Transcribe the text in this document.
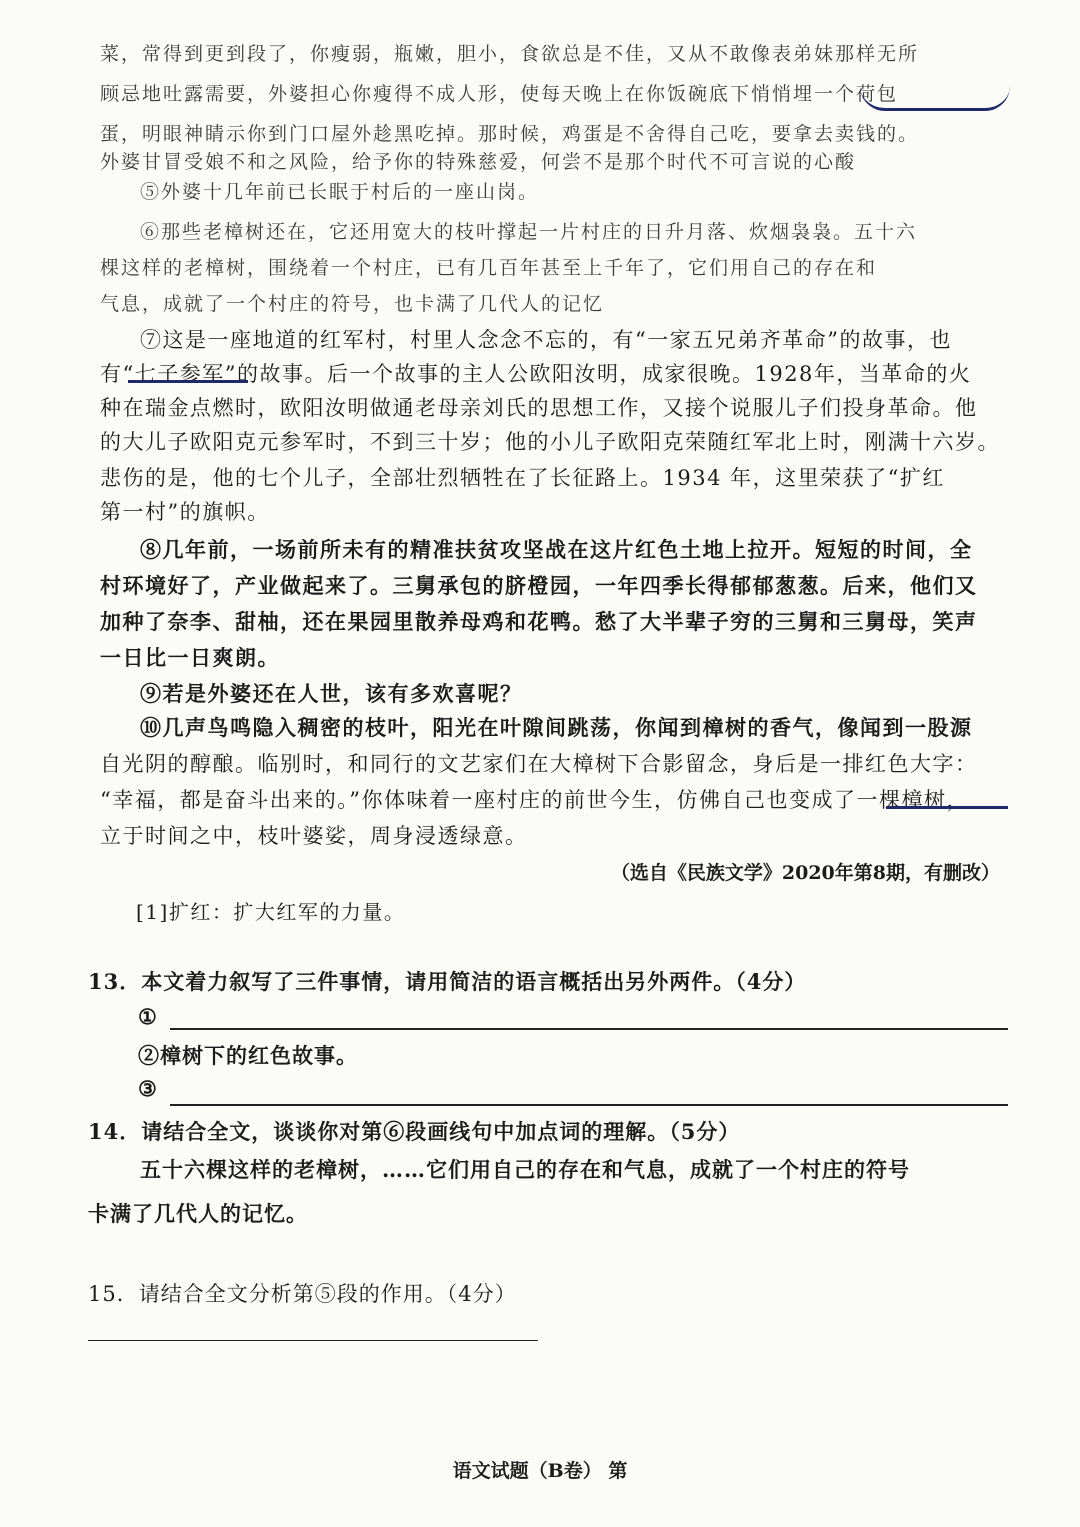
菜，常得到更到段了，你瘦弱，瓶嫩，胆小，食欲总是不佳，又从不敢像表弟妹那样无所
顾忌地吐露需要，外婆担心你瘦得不成人形，使每天晚上在你饭碗底下悄悄埋一个荷包
蛋，明眼神睛示你到门口屋外趁黑吃掉。那时候，鸡蛋是不舍得自己吃，要拿去卖钱的。
外婆甘冒受娘不和之风险，给予你的特殊慈爱，何尝不是那个时代不可言说的心酸
⑤外婆十几年前已长眠于村后的一座山岗。
⑥那些老樟树还在，它还用宽大的枝叶撑起一片村庄的日升月落、炊烟袅袅。五十六
棵这样的老樟树，围绕着一个村庄，已有几百年甚至上千年了，它们用自己的存在和
气息，成就了一个村庄的符号，也卡满了几代人的记忆
⑦这是一座地道的红军村，村里人念念不忘的，有“一家五兄弟齐革命”的故事，也
有“七子参军”的故事。后一个故事的主人公欧阳汝明，成家很晚。1928年，当革命的火
种在瑞金点燃时，欧阳汝明做通老母亲刘氏的思想工作，又接个说服儿子们投身革命。他
的大儿子欧阳克元参军时，不到三十岁；他的小儿子欧阳克荣随红军北上时，刚满十六岁。
悲伤的是，他的七个儿子，全部壮烈牺牲在了长征路上。1934 年，这里荣获了“扩红
第一村”的旗帜。
⑧几年前，一场前所未有的精准扶贫攻坚战在这片红色土地上拉开。短短的时间，全
村环境好了，产业做起来了。三舅承包的脐橙园，一年四季长得郁郁葱葱。后来，他们又
加种了奈李、甜柚，还在果园里散养母鸡和花鸭。愁了大半辈子穷的三舅和三舅母，笑声
一日比一日爽朗。
⑨若是外婆还在人世，该有多欢喜呢？
⑩几声鸟鸣隐入稠密的枝叶，阳光在叶隙间跳荡，你闻到樟树的香气，像闻到一股源
自光阴的醇酿。临别时，和同行的文艺家们在大樟树下合影留念，身后是一排红色大字：
“幸福，都是奋斗出来的。”你体味着一座村庄的前世今生，仿佛自己也变成了一棵樟树，
立于时间之中，枝叶婆娑，周身浸透绿意。
（选自《民族文学》2020年第8期，有删改）
[1]扩红：扩大红军的力量。
13．本文着力叙写了三件事情，请用简洁的语言概括出另外两件。（4分）
①
②樟树下的红色故事。
③
14．请结合全文，谈谈你对第⑥段画线句中加点词的理解。（5分）
五十六棵这样的老樟树，……它们用自己的存在和气息，成就了一个村庄的符号
卡满了几代人的记忆。
15．请结合全文分析第⑤段的作用。（4分）
语文试题（B卷） 第
